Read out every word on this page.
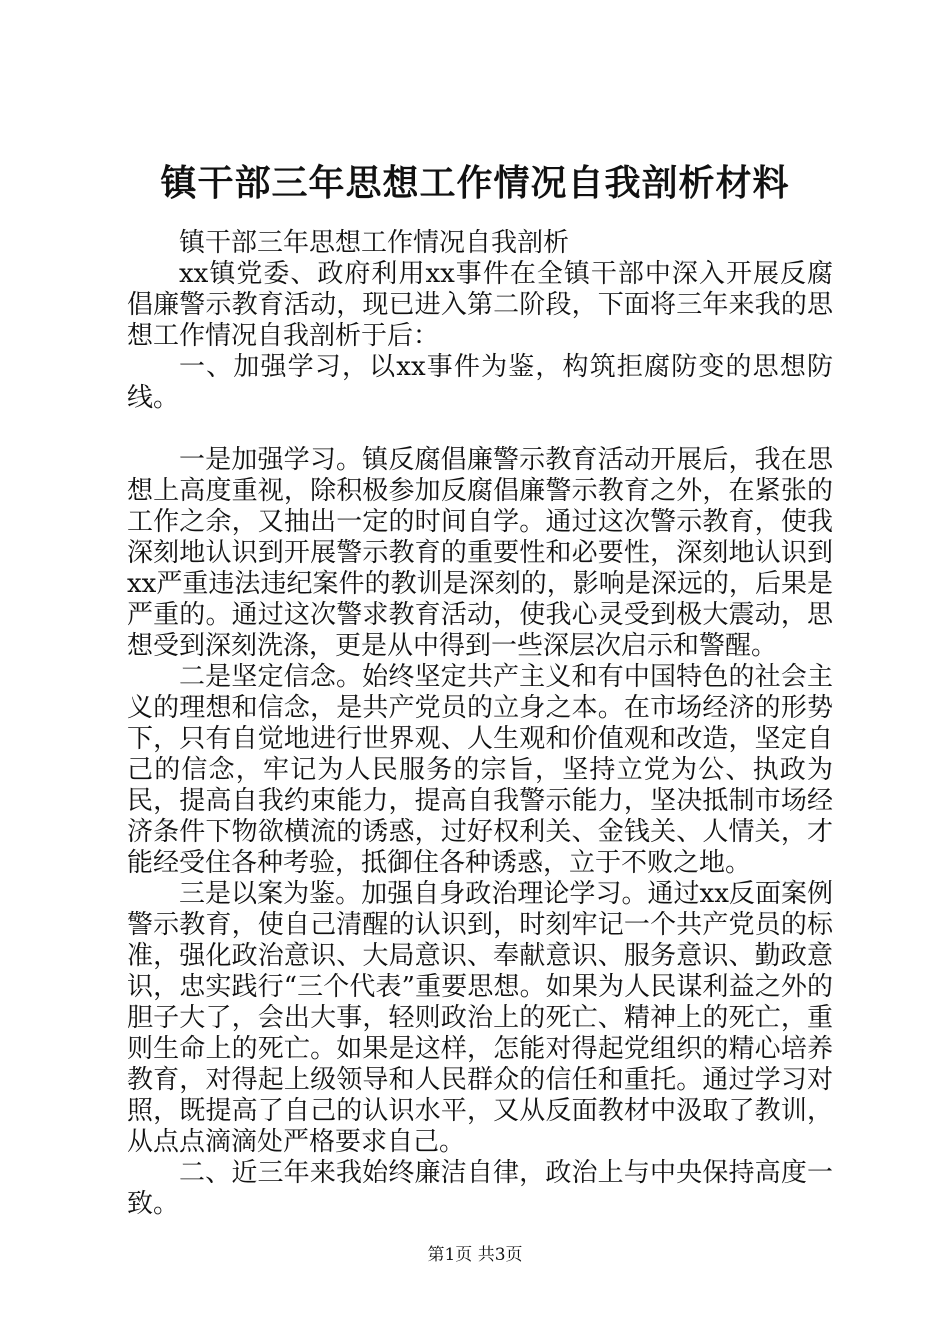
镇干部三年思想工作情况自我剖析材料

镇干部三年思想工作情况自我剖析

xx镇党委、政府利用xx事件在全镇干部中深入开展反腐倡廉警示教育活动，现已进入第二阶段，下面将三年来我的思想工作情况自我剖析于后：

一、加强学习，以xx事件为鉴，构筑拒腐防变的思想防线。

一是加强学习。镇反腐倡廉警示教育活动开展后，我在思想上高度重视，除积极参加反腐倡廉警示教育之外，在紧张的工作之余，又抽出一定的时间自学。通过这次警示教育，使我深刻地认识到开展警示教育的重要性和必要性，深刻地认识到xx严重违法违纪案件的教训是深刻的，影响是深远的，后果是严重的。通过这次警求教育活动，使我心灵受到极大震动，思想受到深刻洗涤，更是从中得到一些深层次启示和警醒。

二是坚定信念。始终坚定共产主义和有中国特色的社会主义的理想和信念，是共产党员的立身之本。在市场经济的形势下，只有自觉地进行世界观、人生观和价值观和改造，坚定自己的信念，牢记为人民服务的宗旨，坚持立党为公、执政为民，提高自我约束能力，提高自我警示能力，坚决抵制市场经济条件下物欲横流的诱惑，过好权利关、金钱关、人情关，才能经受住各种考验，抵御住各种诱惑，立于不败之地。

三是以案为鉴。加强自身政治理论学习。通过xx反面案例警示教育，使自己清醒的认识到，时刻牢记一个共产党员的标准，强化政治意识、大局意识、奉献意识、服务意识、勤政意识，忠实践行“三个代表”重要思想。如果为人民谋利益之外的胆子大了，会出大事，轻则政治上的死亡、精神上的死亡，重则生命上的死亡。如果是这样，怎能对得起党组织的精心培养教育，对得起上级领导和人民群众的信任和重托。通过学习对照，既提高了自己的认识水平，又从反面教材中汲取了教训，从点点滴滴处严格要求自己。

二、近三年来我始终廉洁自律，政治上与中央保持高度一致。

第1页 共3页
